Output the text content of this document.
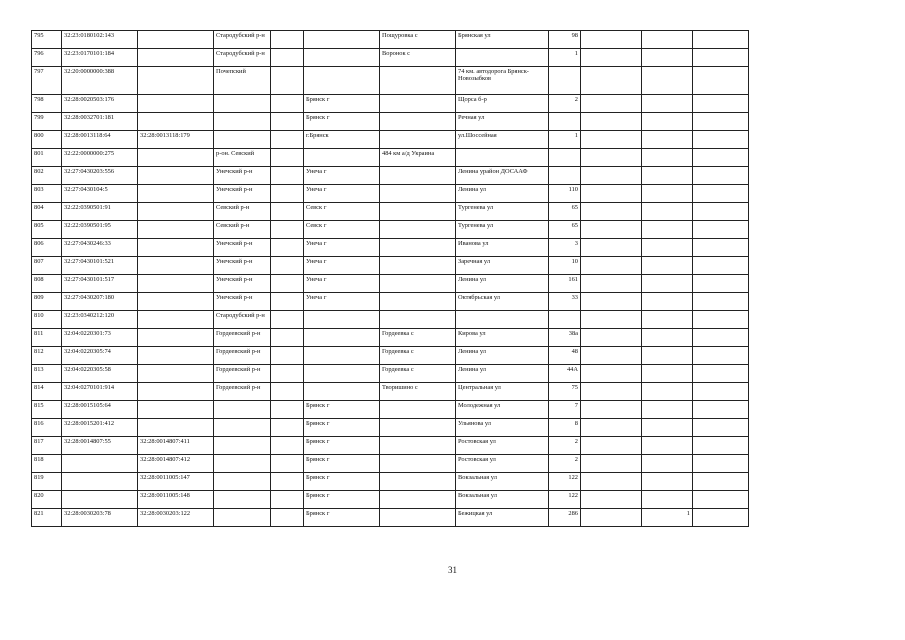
795	32:23:0180102:143		Стародубский р-н			Пощуровка с	Брянская ул	98			
796	32:23:0170101:184		Стародубский р-н			Воронок с		1			
797	32:20:0000000:388		Почепский				74 км. автодорога Брянск-Новозыбков				
798	32:28:0020503:176				Брянск г		Щорса б-р	2			
799	32:28:0032701:181				Брянск г		Речная ул				
800	32:28:0013118:64	32:28:0013118:179			г.Брянск		ул.Шоссейная	1			
801	32:22:0000000:275		р-он. Севский			484 км а/д Украина					
802	32:27:0430203:556		Унечский р-н		Унеча г		Ленина урайон ДОСААФ				
803	32:27:0430104:5		Унечский р-н		Унеча г		Ленина ул	110			
804	32:22:0390501:91		Севский р-н		Севск г		Тургенева ул	65			
805	32:22:0390501:95		Севский р-н		Севск г		Тургенева ул	65			
806	32:27:0430246:33		Унечский р-н		Унеча г		Иванова ул	3			
807	32:27:0430101:521		Унечский р-н		Унеча г		Заречная ул	10			
808	32:27:0430101:517		Унечский р-н		Унеча г		Ленина ул	161			
809	32:27:0430207:180		Унечский р-н		Унеча г		Октябрьская ул	33			
810	32:23:0340212:120		Стародубский р-н								
811	32:04:0220301:73		Гордеевский р-н			Гордеевка с	Кирова ул	38а			
812	32:04:0220305:74		Гордеевский р-н			Гордеевка с	Ленина ул	48			
813	32:04:0220305:58		Гордеевский р-н			Гордеевка с	Ленина ул	44А			
814	32:04:0270101:914		Гордеевский р-н			Творишино с	Центральная ул	75			
815	32:28:0015105:64				Брянск г		Молодежная ул	7			
816	32:28:0015201:412				Брянск г		Ульянова ул	8			
817	32:28:0014807:55	32:28:0014807:411			Брянск г		Ростовская ул	2			
818		32:28:0014807:412			Брянск г		Ростовская ул	2			
819		32:28:0011005:147			Брянск г		Вокзальная ул	122			
820		32:28:0011005:148			Брянск г		Вокзальная ул	122			
821	32:28:0030203:78	32:28:0030203:122			Брянск г		Бежицкая ул	286		1	
31
